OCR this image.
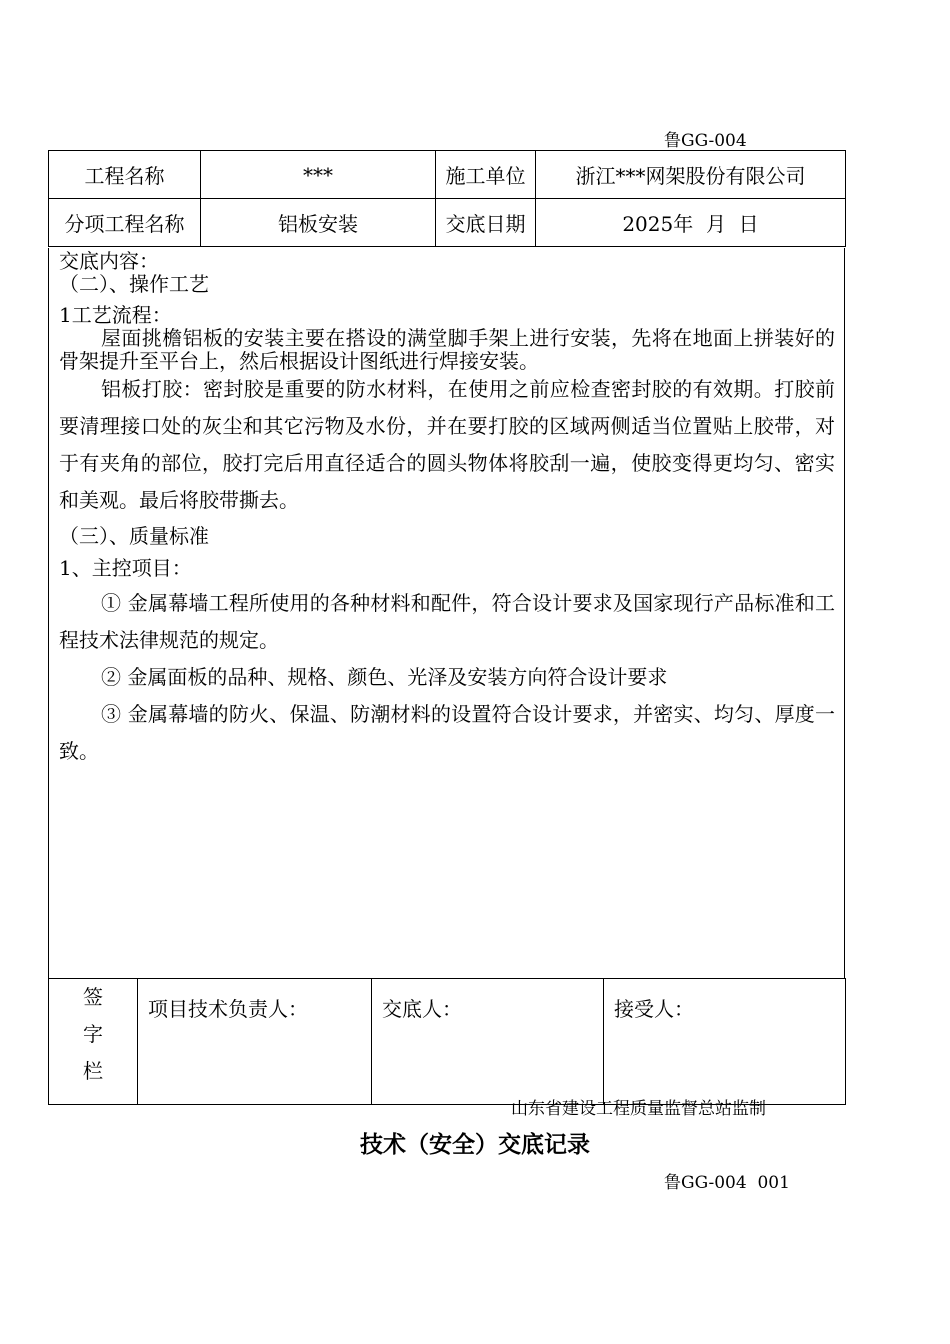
鲁GG-004
工程名称	***	施工单位	浙江***网架股份有限公司
分项工程名称	铝板安装	交底日期	2025年  月  日

交底内容：

（二）、操作工艺

1工艺流程：

屋面挑檐铝板的安装主要在搭设的满堂脚手架上进行安装，先将在地面上拼装好的骨架提升至平台上，然后根据设计图纸进行焊接安装。

铝板打胶：密封胶是重要的防水材料，在使用之前应检查密封胶的有效期。打胶前要清理接口处的灰尘和其它污物及水份，并在要打胶的区域两侧适当位置贴上胶带，对于有夹角的部位，胶打完后用直径适合的圆头物体将胶刮一遍，使胶变得更均匀、密实和美观。最后将胶带撕去。

（三）、质量标准

1、主控项目：

① 金属幕墙工程所使用的各种材料和配件，符合设计要求及国家现行产品标准和工程技术法律规范的规定。

② 金属面板的品种、规格、颜色、光泽及安装方向符合设计要求

③ 金属幕墙的防火、保温、防潮材料的设置符合设计要求，并密实、均匀、厚度一致。

签
字
栏
	项目技术负责人：	交底人：	接受人：
山东省建设工程质量监督总站监制
技术（安全）交底记录
鲁GG-004  001
